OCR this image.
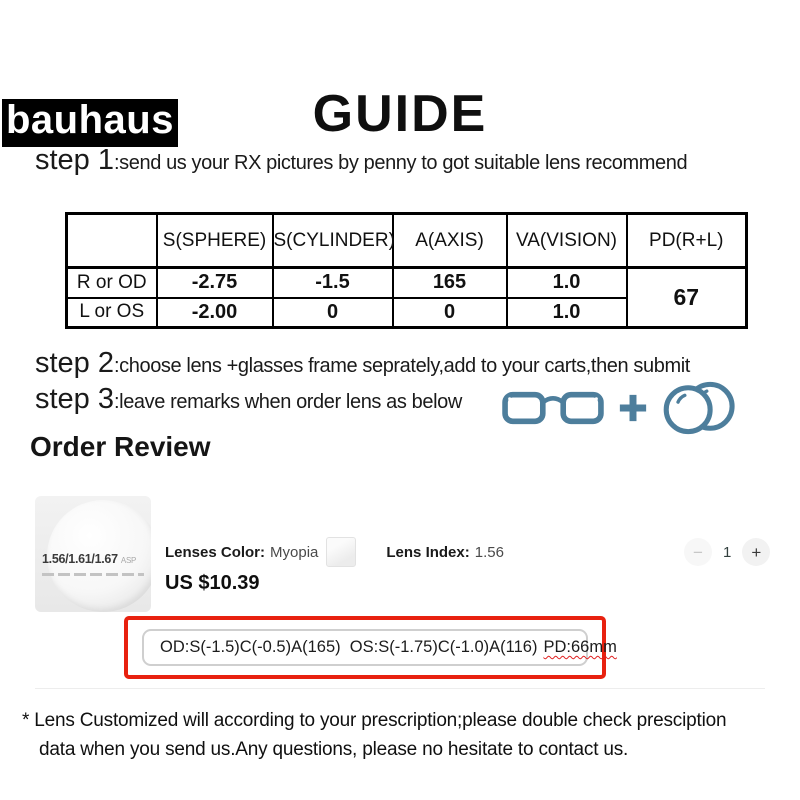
bauhaus	GUIDE
step 1:send us your RX pictures by penny to got suitable lens recommend
	S(SPHERE)	S(CYLINDER)	A(AXIS)	VA(VISION)	PD(R+L)
R or OD	-2.75	-1.5	165	1.0	67
L or OS	-2.00	0	0	1.0	
step 2:choose lens +glasses frame seprately,add to your carts,then submit
step 3:leave remarks when order lens as below
Order Review
1.56/1.61/1.67 ASP Lenses Color: Myopia	Lens Index: 1.56
US $10.39

−	1	+
OD:S(-1.5)C(-0.5)A(165)  OS:S(-1.75)C(-1.0)A(116) PD:66mm
* Lens Customized will according to your prescription;please double check presciption
data when you send us.Any questions, please no hesitate to contact us.
